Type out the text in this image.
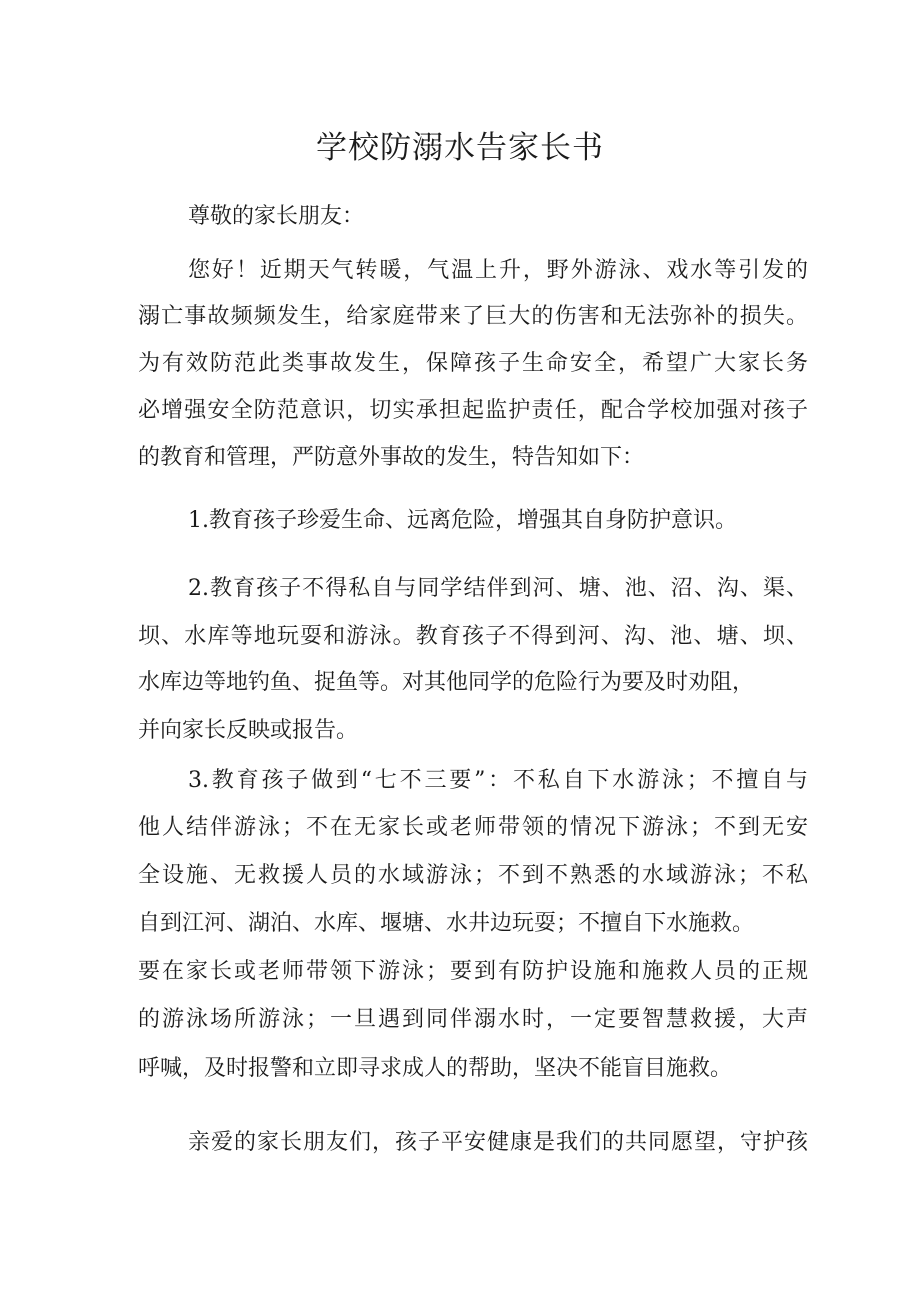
学校防溺水告家长书
尊敬的家长朋友：
您好！近期天气转暖，气温上升，野外游泳、戏水等引发的
溺亡事故频频发生，给家庭带来了巨大的伤害和无法弥补的损失。
为有效防范此类事故发生，保障孩子生命安全，希望广大家长务
必增强安全防范意识，切实承担起监护责任，配合学校加强对孩子
的教育和管理，严防意外事故的发生，特告知如下：
1.教育孩子珍爱生命、远离危险，增强其自身防护意识。
2.教育孩子不得私自与同学结伴到河、塘、池、沼、沟、渠、
坝、水库等地玩耍和游泳。教育孩子不得到河、沟、池、塘、坝、
水库边等地钓鱼、捉鱼等。对其他同学的危险行为要及时劝阻，
并向家长反映或报告。
3.教育孩子做到“七不三要”：不私自下水游泳；不擅自与
他人结伴游泳；不在无家长或老师带领的情况下游泳；不到无安
全设施、无救援人员的水域游泳；不到不熟悉的水域游泳；不私
自到江河、湖泊、水库、堰塘、水井边玩耍；不擅自下水施救。
要在家长或老师带领下游泳；要到有防护设施和施救人员的正规
的游泳场所游泳；一旦遇到同伴溺水时，一定要智慧救援，大声
呼喊，及时报警和立即寻求成人的帮助，坚决不能盲目施救。
亲爱的家长朋友们，孩子平安健康是我们的共同愿望，守护孩
